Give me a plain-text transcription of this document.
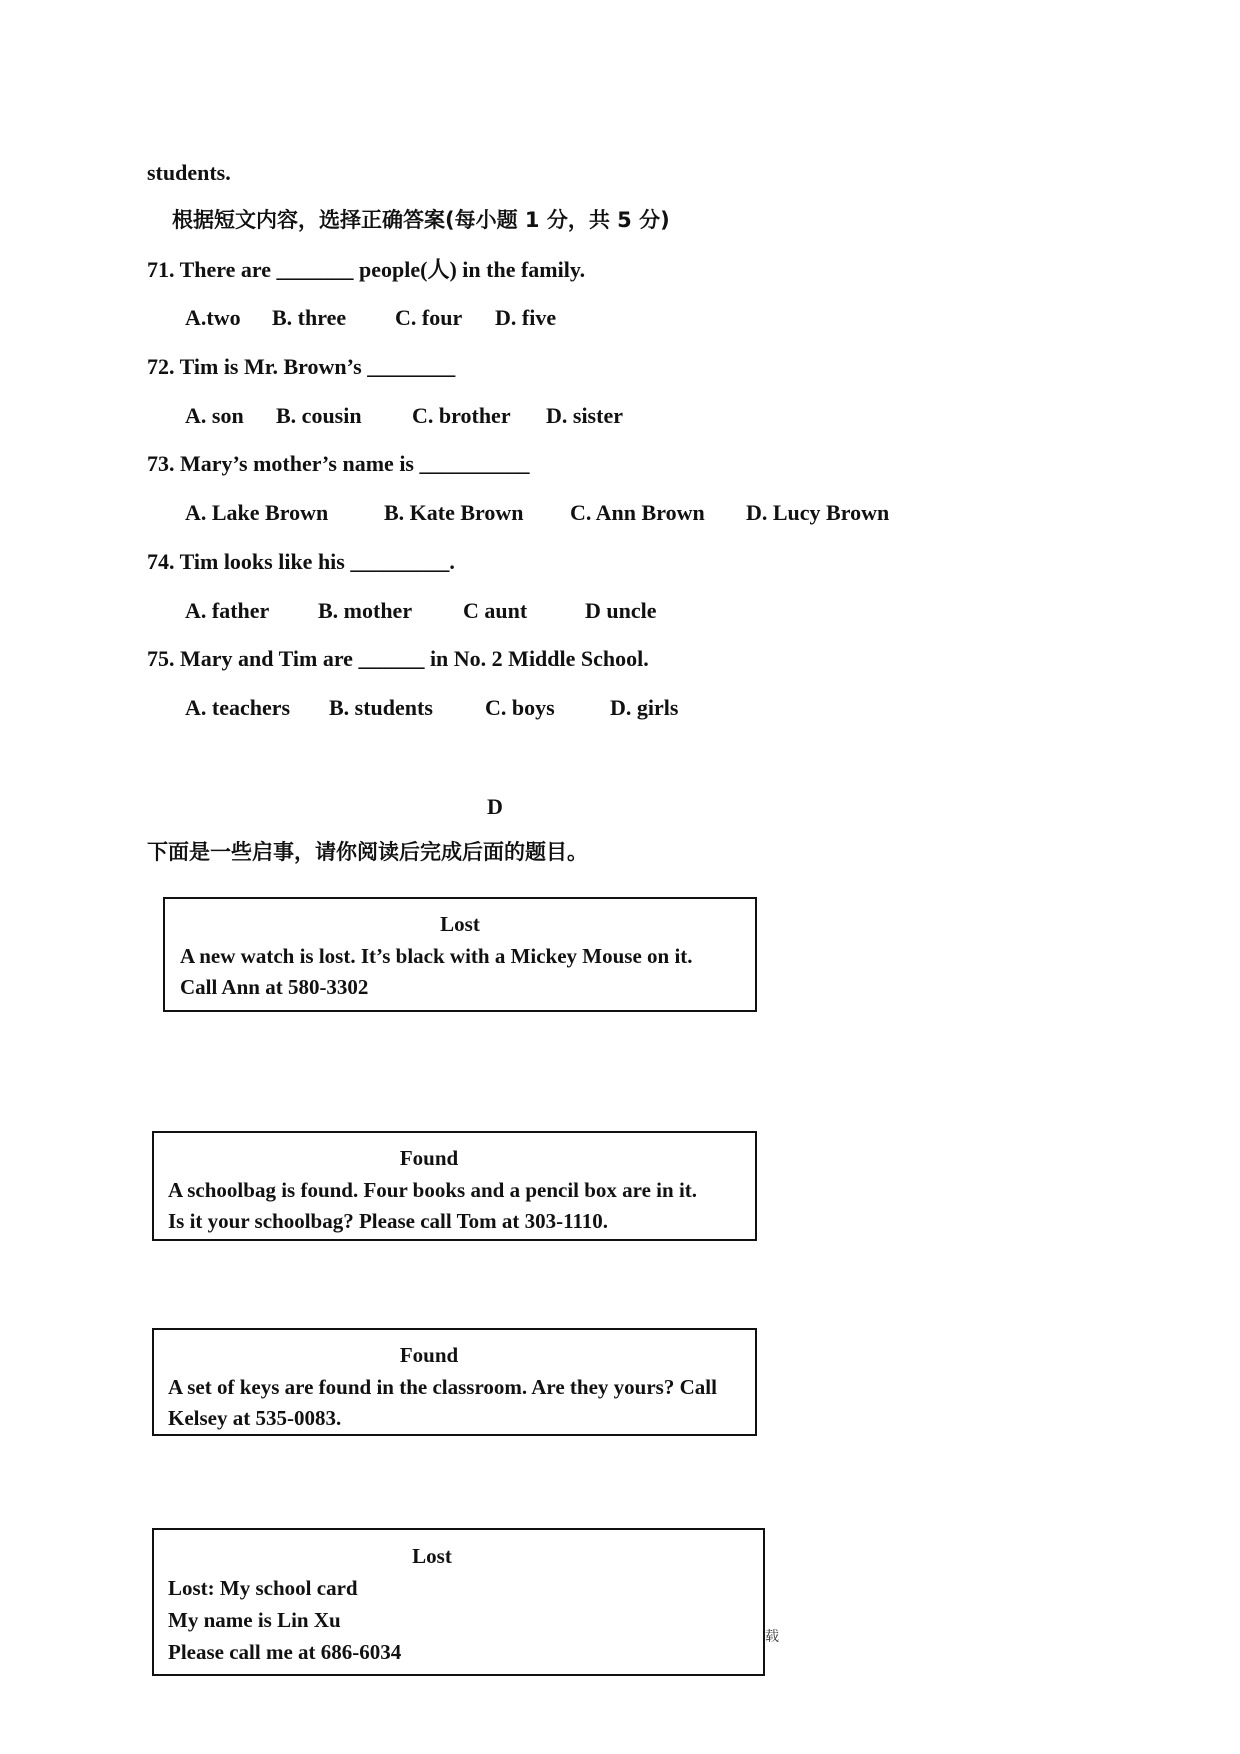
students.
根据短文内容，选择正确答案(每小题 1 分，共 5 分)
71. There are _______ people(人) in the family.
A.two B. three C. four D. five
72. Tim is Mr. Brown’s ________
A. son B. cousin C. brother D. sister
73. Mary’s mother’s name is __________
A. Lake Brown	B. Kate Brown C. Ann Brown D. Lucy Brown
74. Tim looks like his _________.
A. father B. mother C aunt	D uncle
75. Mary and Tim are ______ in No. 2 Middle School.
A. teachers B. students C. boys	D. girls
D
下面是一些启事，请你阅读后完成后面的题目。
Lost
A new watch is lost. It’s black with a Mickey Mouse on it.
Call Ann at 580-3302
Found
A schoolbag is found. Four books and a pencil box are in it.
Is it your schoolbag? Please call Tom at 303-1110.
Found
A set of keys are found in the classroom. Are they yours? Call
Kelsey at 535-0083.
Lost
Lost: My school card
My name is Lin Xu
Please call me at 686-6034
载
